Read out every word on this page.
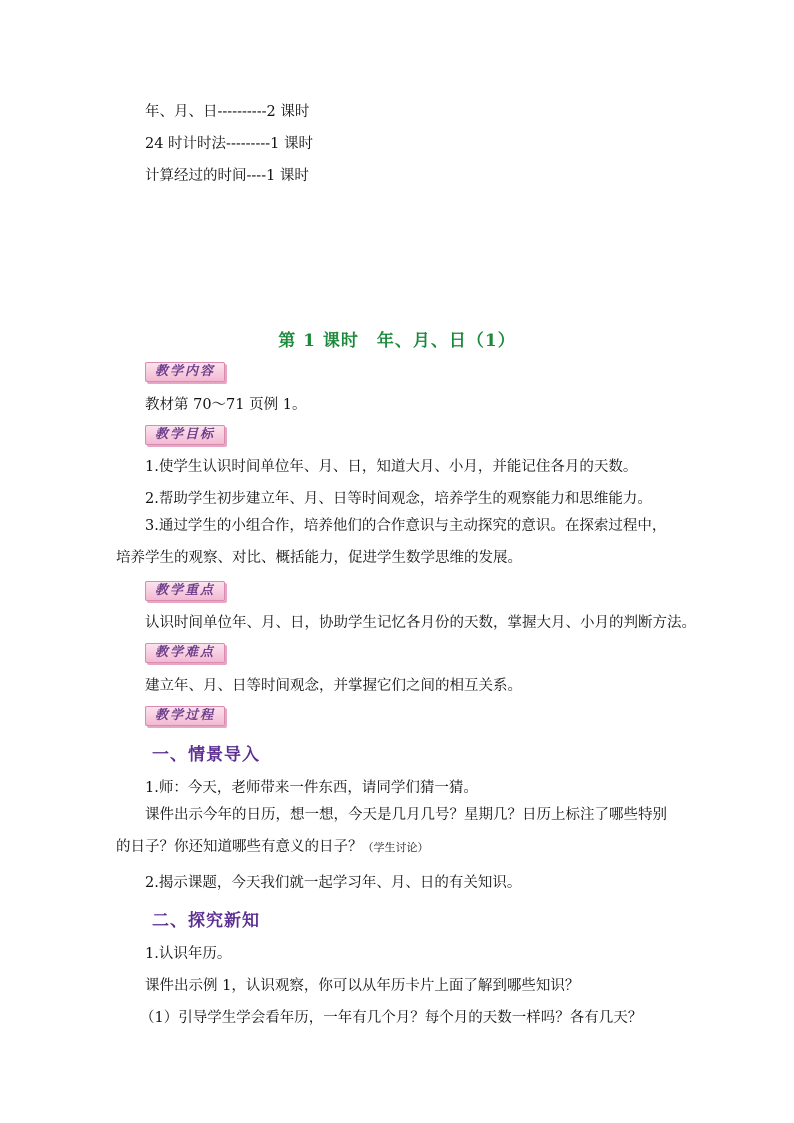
年、月、日----------2 课时
24 时计时法---------1 课时
计算经过的时间----1 课时
第 1 课时　年、月、日（1）
教学内容
教材第 70～71 页例 1。
教学目标
1.使学生认识时间单位年、月、日，知道大月、小月，并能记住各月的天数。
2.帮助学生初步建立年、月、日等时间观念，培养学生的观察能力和思维能力。
3.通过学生的小组合作，培养他们的合作意识与主动探究的意识。在探索过程中，培养学生的观察、对比、概括能力，促进学生数学思维的发展。
教学重点
认识时间单位年、月、日，协助学生记忆各月份的天数，掌握大月、小月的判断方法。
教学难点
建立年、月、日等时间观念，并掌握它们之间的相互关系。
教学过程
一、情景导入
1.师：今天，老师带来一件东西，请同学们猜一猜。
课件出示今年的日历，想一想，今天是几月几号？星期几？日历上标注了哪些特别的日子？你还知道哪些有意义的日子？（学生讨论）
2.揭示课题，今天我们就一起学习年、月、日的有关知识。
二、探究新知
1.认识年历。
课件出示例 1，认识观察，你可以从年历卡片上面了解到哪些知识？
（1）引导学生学会看年历，一年有几个月？每个月的天数一样吗？各有几天？
